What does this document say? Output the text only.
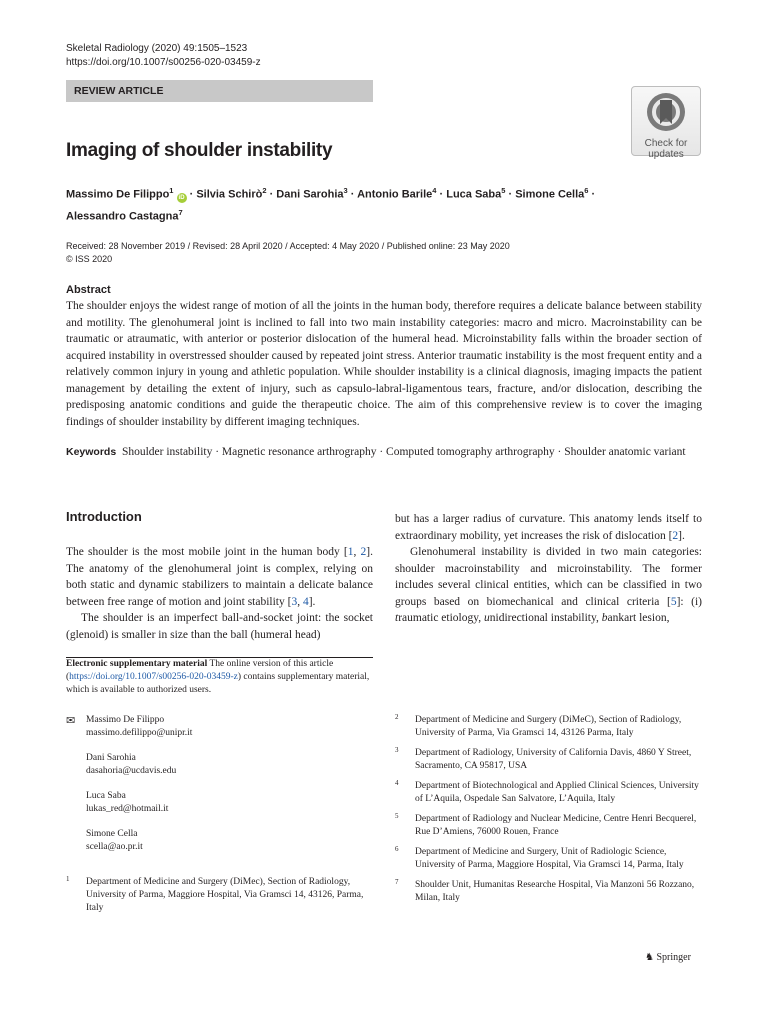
Skeletal Radiology (2020) 49:1505–1523
https://doi.org/10.1007/s00256-020-03459-z
REVIEW ARTICLE
Check for
updates
Imaging of shoulder instability
Massimo De Filippo$^1$ iD · Silvia Schirò$^2$ · Dani Sarohia$^3$ · Antonio Barile$^4$ · Luca Saba$^5$ · Simone Cella$^6$ ·
Alessandro Castagna$^7$
Received: 28 November 2019 / Revised: 28 April 2020 / Accepted: 4 May 2020 / Published online: 23 May 2020
© ISS 2020
Abstract

The shoulder enjoys the widest range of motion of all the joints in the human body, therefore requires a delicate balance between stability and motility. The glenohumeral joint is inclined to fall into two main instability categories: macro and micro. Macroinstability can be traumatic or atraumatic, with anterior or posterior dislocation of the humeral head. Microinstability falls within the broader section of acquired instability in overstressed shoulder caused by repeated joint stress. Anterior traumatic instability is the most frequent entity and a relatively common injury in young and athletic population. While shoulder instability is a clinical diagnosis, imaging impacts the patient management by detailing the extent of injury, such as capsulo-labral-ligamentous tears, fracture, and/or dislocation, describing the predisposing anatomic conditions and guide the therapeutic choice. The aim of this comprehensive review is to cover the imaging findings of shoulder instability by different imaging techniques.

Keywords Shoulder instability · Magnetic resonance arthrography · Computed tomography arthrography · Shoulder anatomic variant
Introduction

The shoulder is the most mobile joint in the human body [1, 2]. The anatomy of the glenohumeral joint is complex, relying on both static and dynamic stabilizers to maintain a delicate balance between free range of motion and joint stability [3, 4].

The shoulder is an imperfect ball-and-socket joint: the socket (glenoid) is smaller in size than the ball (humeral head)

but has a larger radius of curvature. This anatomy lends itself to extraordinary mobility, yet increases the risk of dislocation [2].

Glenohumeral instability is divided in two main categories: shoulder macroinstability and microinstability. The former includes several clinical entities, which can be classified in two groups based on biomechanical and clinical criteria [5]: (i) traumatic etiology, unidirectional instability, bankart lesion,

Electronic supplementary material The online version of this article (https://doi.org/10.1007/s00256-020-03459-z) contains supplementary material, which is available to authorized users.
✉ Massimo De Filippo
massimo.defilippo@unipr.it
Dani Sarohia
dasahoria@ucdavis.edu
Luca Saba
lukas_red@hotmail.it
Simone Cella
scella@ao.pr.it
1 Department of Medicine and Surgery (DiMec), Section of Radiology, University of Parma, Maggiore Hospital, Via Gramsci 14, 43126, Parma, Italy
2 Department of Medicine and Surgery (DiMeC), Section of Radiology, University of Parma, Via Gramsci 14, 43126 Parma, Italy
3 Department of Radiology, University of California Davis, 4860 Y Street, Sacramento, CA 95817, USA
4 Department of Biotechnological and Applied Clinical Sciences, University of L’Aquila, Ospedale San Salvatore, L’Aquila, Italy
5 Department of Radiology and Nuclear Medicine, Centre Henri Becquerel, Rue D’Amiens, 76000 Rouen, France
6 Department of Medicine and Surgery, Unit of Radiologic Science, University of Parma, Maggiore Hospital, Via Gramsci 14, Parma, Italy
7 Shoulder Unit, Humanitas Researche Hospital, Via Manzoni 56 Rozzano, Milan, Italy
♞ Springer
